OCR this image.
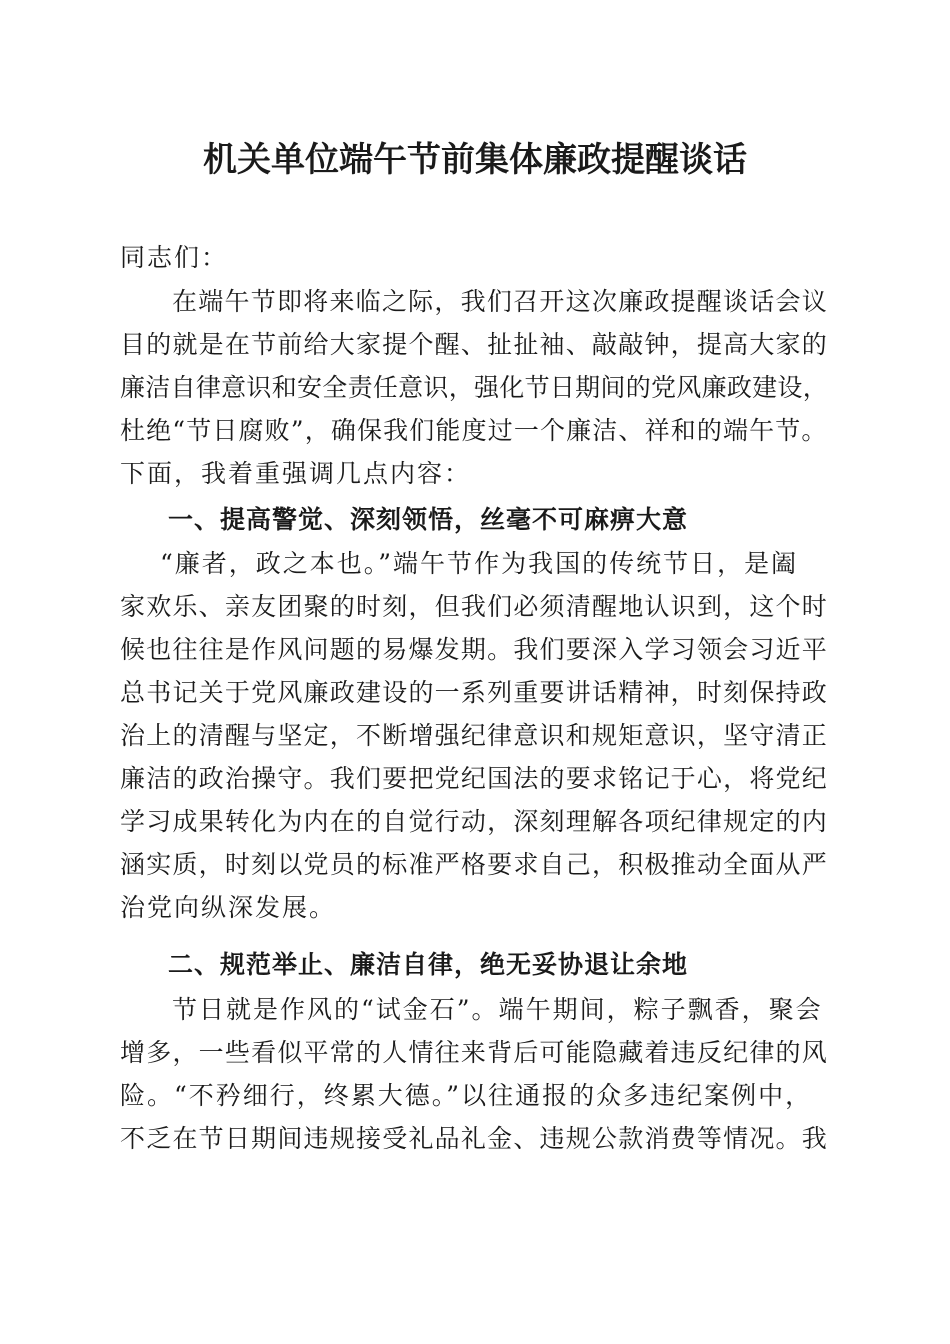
机关单位端午节前集体廉政提醒谈话
同志们：
在端午节即将来临之际，我们召开这次廉政提醒谈话会议
目的就是在节前给大家提个醒、扯扯袖、敲敲钟，提高大家的
廉洁自律意识和安全责任意识，强化节日期间的党风廉政建设，
杜绝“节日腐败”，确保我们能度过一个廉洁、祥和的端午节。
下面，我着重强调几点内容：
一、提高警觉、深刻领悟，丝毫不可麻痹大意
“廉者，政之本也。”端午节作为我国的传统节日，是阖
家欢乐、亲友团聚的时刻，但我们必须清醒地认识到，这个时
候也往往是作风问题的易爆发期。我们要深入学习领会习近平
总书记关于党风廉政建设的一系列重要讲话精神，时刻保持政
治上的清醒与坚定，不断增强纪律意识和规矩意识，坚守清正
廉洁的政治操守。我们要把党纪国法的要求铭记于心，将党纪
学习成果转化为内在的自觉行动，深刻理解各项纪律规定的内
涵实质，时刻以党员的标准严格要求自己，积极推动全面从严
治党向纵深发展。
二、规范举止、廉洁自律，绝无妥协退让余地
节日就是作风的“试金石”。端午期间，粽子飘香，聚会
增多，一些看似平常的人情往来背后可能隐藏着违反纪律的风
险。“不矜细行，终累大德。”以往通报的众多违纪案例中，
不乏在节日期间违规接受礼品礼金、违规公款消费等情况。我
